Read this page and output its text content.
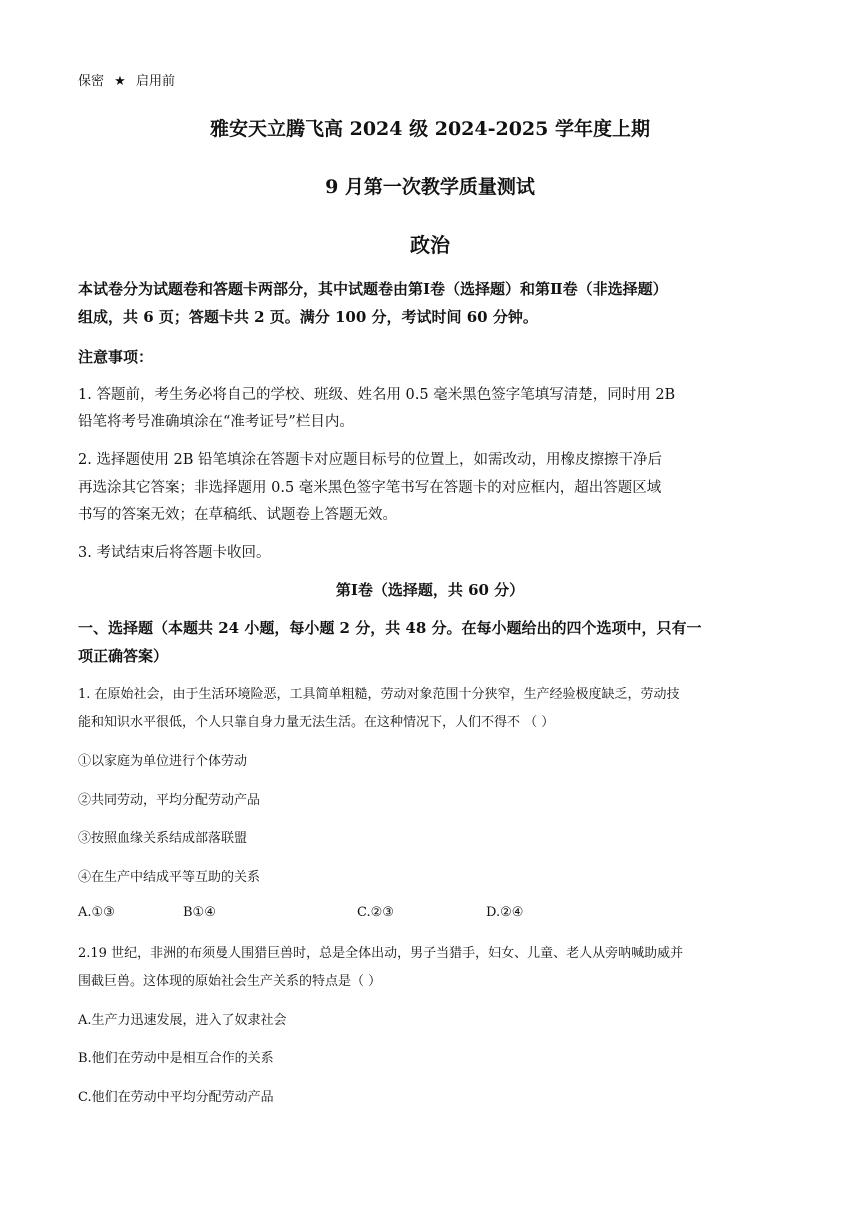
保密 ★ 启用前
雅安天立腾飞高 2024 级 2024-2025 学年度上期
9 月第一次教学质量测试
政治
本试卷分为试题卷和答题卡两部分，其中试题卷由第Ⅰ卷（选择题）和第Ⅱ卷（非选择题）
组成，共 6 页；答题卡共 2 页。满分 100 分，考试时间 60 分钟。
注意事项：
1. 答题前，考生务必将自己的学校、班级、姓名用 0.5 毫米黑色签字笔填写清楚，同时用 2B
铅笔将考号准确填涂在“准考证号”栏目内。
2. 选择题使用 2B 铅笔填涂在答题卡对应题目标号的位置上，如需改动，用橡皮擦擦干净后
再选涂其它答案；非选择题用 0.5 毫米黑色签字笔书写在答题卡的对应框内，超出答题区域
书写的答案无效；在草稿纸、试题卷上答题无效。
3. 考试结束后将答题卡收回。
第Ⅰ卷（选择题，共 60 分）
一、选择题（本题共 24 小题，每小题 2 分，共 48 分。在每小题给出的四个选项中，只有一
项正确答案）
1. 在原始社会，由于生活环境险恶，工具简单粗糙，劳动对象范围十分狭窄，生产经验极度缺乏，劳动技
能和知识水平很低，个人只靠自身力量无法生活。在这种情况下，人们不得不 （ ）
①以家庭为单位进行个体劳动
②共同劳动，平均分配劳动产品
③按照血缘关系结成部落联盟
④在生产中结成平等互助的关系
A.①③	B①④	C.②③	D.②④
2.19 世纪，非洲的布须曼人围猎巨兽时，总是全体出动，男子当猎手，妇女、儿童、老人从旁呐喊助威并
围截巨兽。这体现的原始社会生产关系的特点是（ ）
A.生产力迅速发展，进入了奴隶社会
B.他们在劳动中是相互合作的关系
C.他们在劳动中平均分配劳动产品
